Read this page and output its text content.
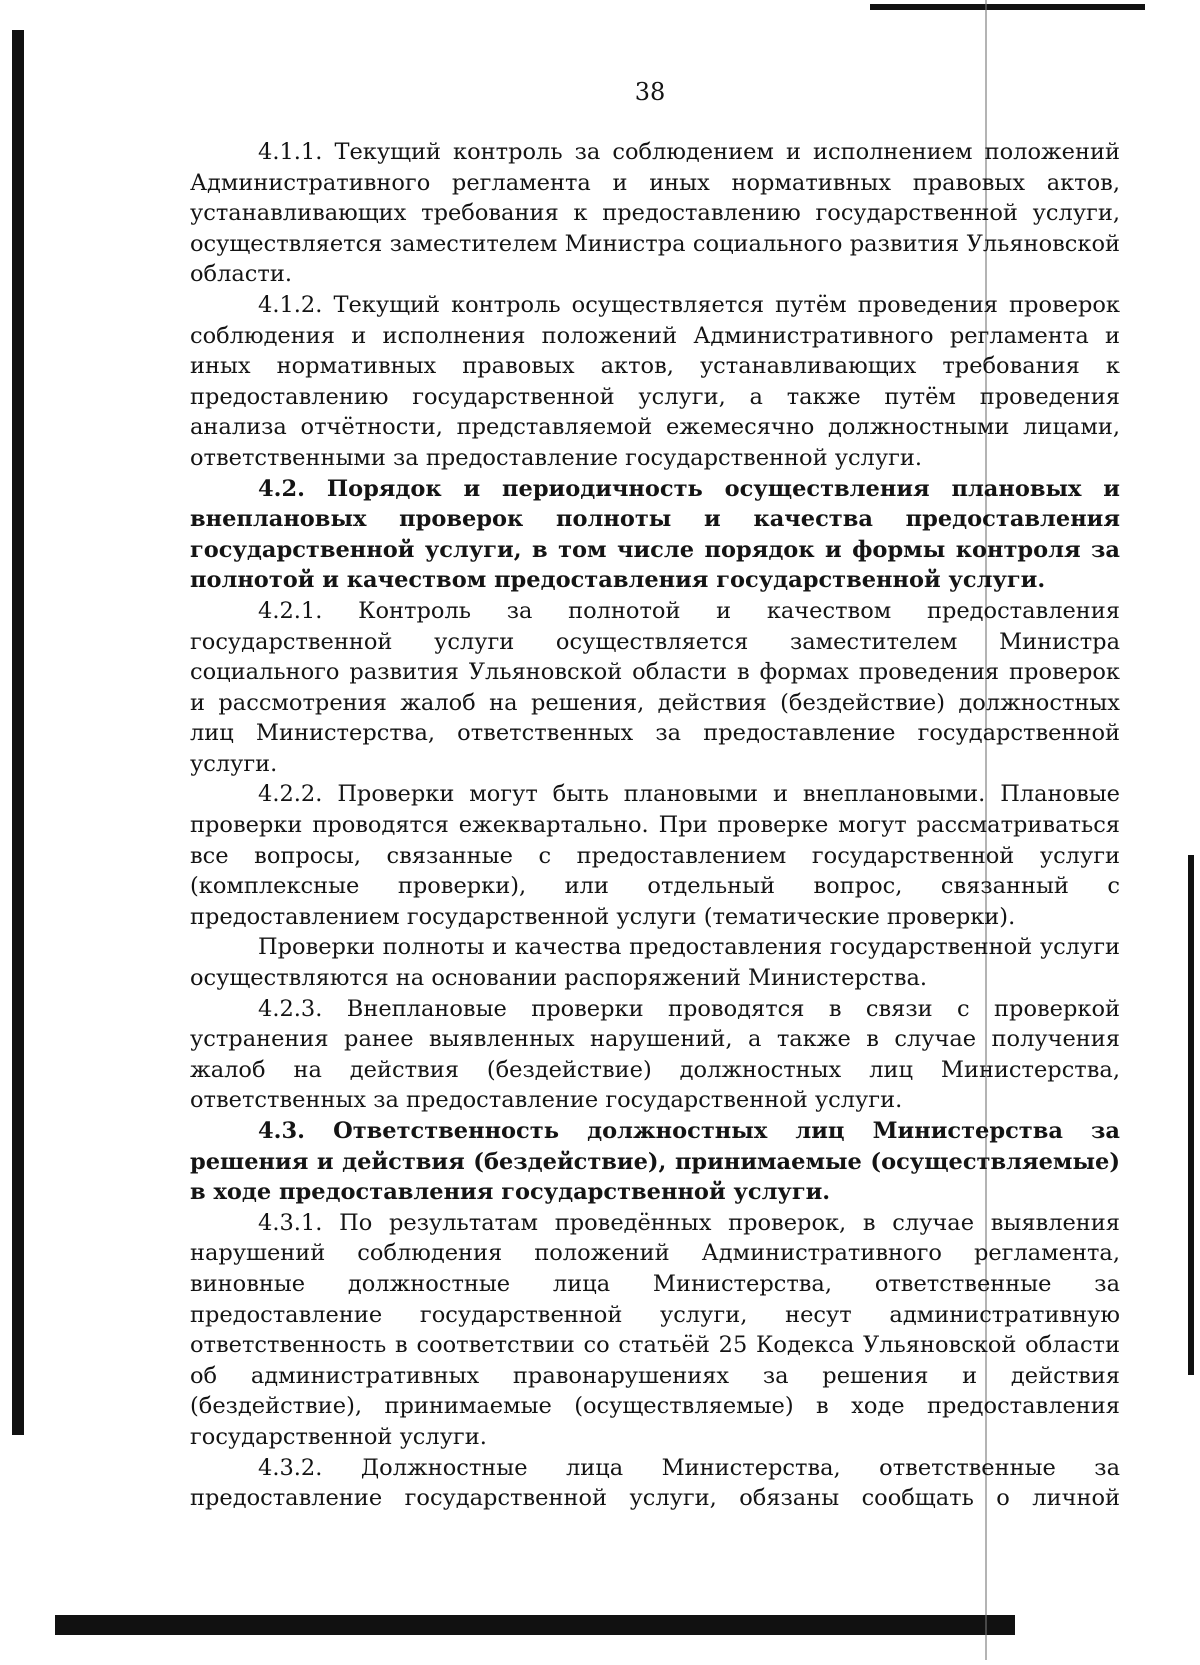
38

4.1.1. Текущий контроль за соблюдением и исполнением положений Административного регламента и иных нормативных правовых актов, устанавливающих требования к предоставлению государственной услуги, осуществляется заместителем Министра социального развития Ульяновской области.

4.1.2. Текущий контроль осуществляется путём проведения проверок соблюдения и исполнения положений Административного регламента и иных нормативных правовых актов, устанавливающих требования к предоставлению государственной услуги, а также путём проведения анализа отчётности, представляемой ежемесячно должностными лицами, ответственными за предоставление государственной услуги.

4.2. Порядок и периодичность осуществления плановых и внеплановых проверок полноты и качества предоставления государственной услуги, в том числе порядок и формы контроля за полнотой и качеством предоставления государственной услуги.

4.2.1. Контроль за полнотой и качеством предоставления государственной услуги осуществляется заместителем Министра социального развития Ульяновской области в формах проведения проверок и рассмотрения жалоб на решения, действия (бездействие) должностных лиц Министерства, ответственных за предоставление государственной услуги.

4.2.2. Проверки могут быть плановыми и внеплановыми. Плановые проверки проводятся ежеквартально. При проверке могут рассматриваться все вопросы, связанные с предоставлением государственной услуги (комплексные проверки), или отдельный вопрос, связанный с предоставлением государственной услуги (тематические проверки).

Проверки полноты и качества предоставления государственной услуги осуществляются на основании распоряжений Министерства.

4.2.3. Внеплановые проверки проводятся в связи с проверкой устранения ранее выявленных нарушений, а также в случае получения жалоб на действия (бездействие) должностных лиц Министерства, ответственных за предоставление государственной услуги.

4.3. Ответственность должностных лиц Министерства за решения и действия (бездействие), принимаемые (осуществляемые) в ходе предоставления государственной услуги.

4.3.1. По результатам проведённых проверок, в случае выявления нарушений соблюдения положений Административного регламента, виновные должностные лица Министерства, ответственные за предоставление государственной услуги, несут административную ответственность в соответствии со статьёй 25 Кодекса Ульяновской области об административных правонарушениях за решения и действия (бездействие), принимаемые (осуществляемые) в ходе предоставления государственной услуги.

4.3.2. Должностные лица Министерства, ответственные за предоставление государственной услуги, обязаны сообщать о личной
